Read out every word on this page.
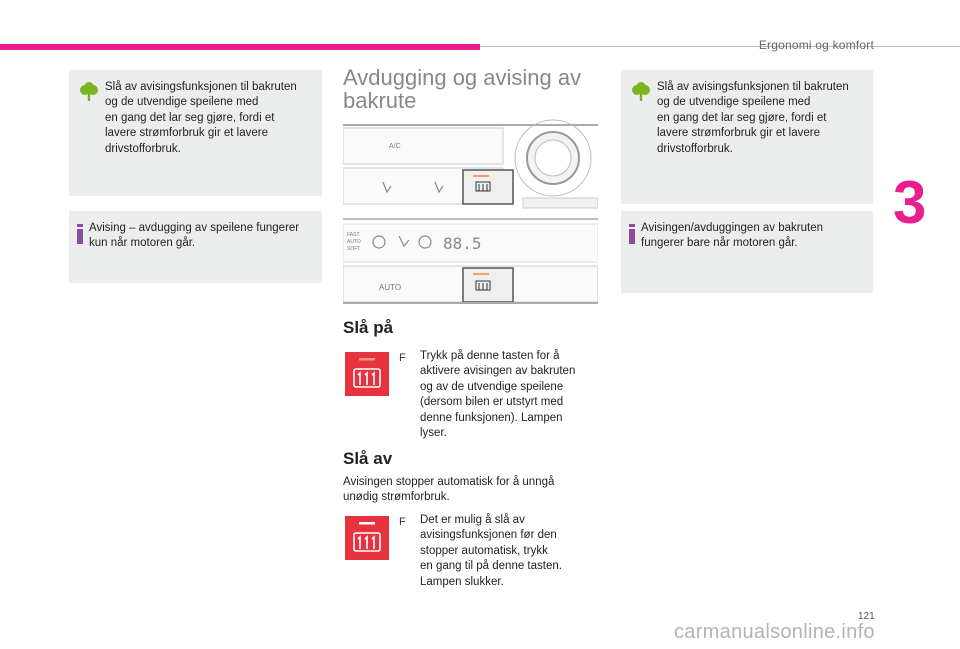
Ergonomi og komfort
3
Slå av avisingsfunksjonen til bakruten
og de utvendige speilene med
en gang det lar seg gjøre, fordi et
lavere strømforbruk gir et lavere
drivstofforbruk.
Avising – avdugging av speilene fungerer
kun når motoren går.
Avdugging og avising av
bakrute
A/C
FAST
AUTO
SOFT	88.5
AUTO
Slå på
F Trykk på denne tasten for å
aktivere avisingen av bakruten
og av de utvendige speilene
(dersom bilen er utstyrt med
denne funksjonen). Lampen
lyser.
Slå av
Avisingen stopper automatisk for å unngå
unødig strømforbruk.
F Det er mulig å slå av
avisingsfunksjonen før den
stopper automatisk, trykk
en gang til på denne tasten.
Lampen slukker.
Slå av avisingsfunksjonen til bakruten
og de utvendige speilene med
en gang det lar seg gjøre, fordi et
lavere strømforbruk gir et lavere
drivstofforbruk.
Avisingen/avduggingen av bakruten
fungerer bare når motoren går.
121
carmanualsonline.info
